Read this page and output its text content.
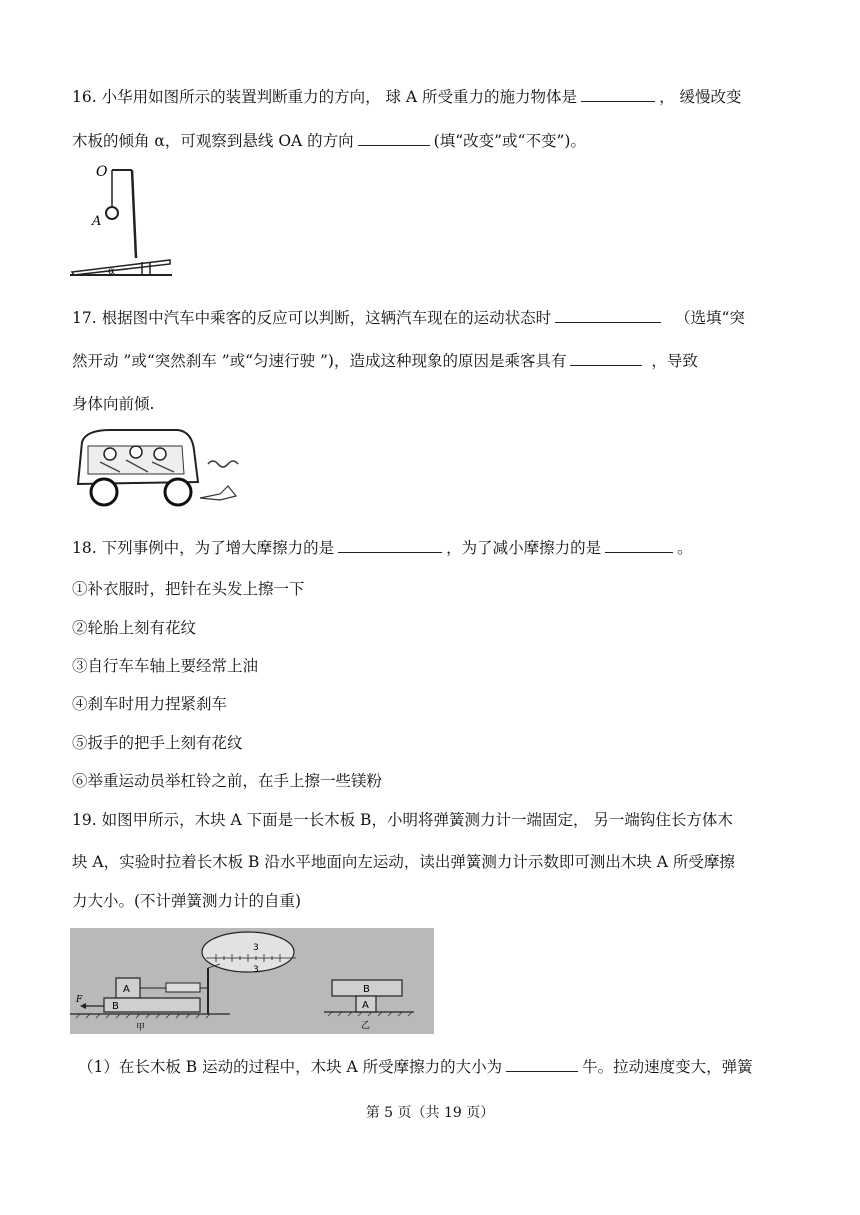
16. 小华用如图所示的装置判断重力的方向， 球 A 所受重力的施力物体是	， 缓慢改变
木板的倾角 α，可观察到悬线 OA 的方向	(填“改变”或“不变”)。
O
A
α
17. 根据图中汽车中乘客的反应可以判断，这辆汽车现在的运动状态时	（选填“突
然开动 ”或“突然刹车 ”或“匀速行驶 ”)，造成这种现象的原因是乘客具有	，导致
身体向前倾.
18. 下列事例中，为了增大摩擦力的是	，为了减小摩擦力的是	。
①补衣服时，把针在头发上擦一下
②轮胎上刻有花纹
③自行车车轴上要经常上油
④刹车时用力捏紧刹车
⑤扳手的把手上刻有花纹
⑥举重运动员举杠铃之前，在手上擦一些镁粉
19. 如图甲所示，木块 A 下面是一长木板 B，小明将弹簧测力计一端固定， 另一端钩住长方体木
块 A，实验时拉着长木板 B 沿水平地面向左运动，读出弹簧测力计示数即可测出木块 A 所受摩擦
力大小。(不计弹簧测力计的自重)
A
B
F
甲
3
3
B
A
乙
（1）在长木板 B 运动的过程中，木块 A 所受摩擦力的大小为	牛。拉动速度变大，弹簧
第 5 页（共 19 页）
